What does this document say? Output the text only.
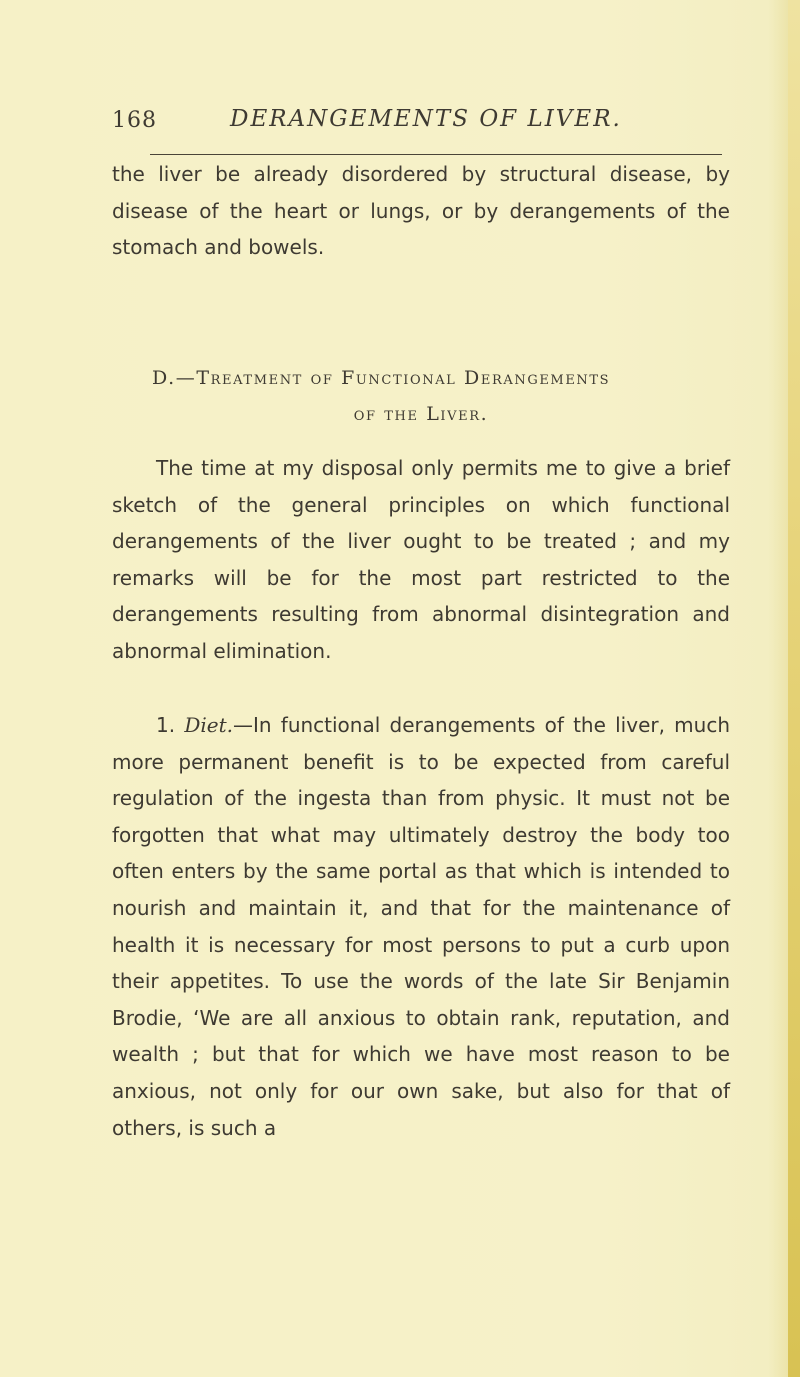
168	DERANGEMENTS OF LIVER.
the liver be already disordered by structural disease, by disease of the heart or lungs, or by derangements of the stomach and bowels.
D.—Treatment of Functional Derangements
of the Liver.
The time at my disposal only permits me to give a brief sketch of the general principles on which functional derangements of the liver ought to be treated ; and my remarks will be for the most part restricted to the derangements resulting from abnormal disintegration and abnormal elimination.
1. Diet.—In functional derangements of the liver, much more permanent benefit is to be expected from careful regulation of the ingesta than from physic. It must not be forgotten that what may ultimately destroy the body too often enters by the same portal as that which is intended to nourish and maintain it, and that for the maintenance of health it is necessary for most persons to put a curb upon their appetites. To use the words of the late Sir Benjamin Brodie, ‘We are all anxious to obtain rank, reputation, and wealth ; but that for which we have most reason to be anxious, not only for our own sake, but also for that of others, is such a
